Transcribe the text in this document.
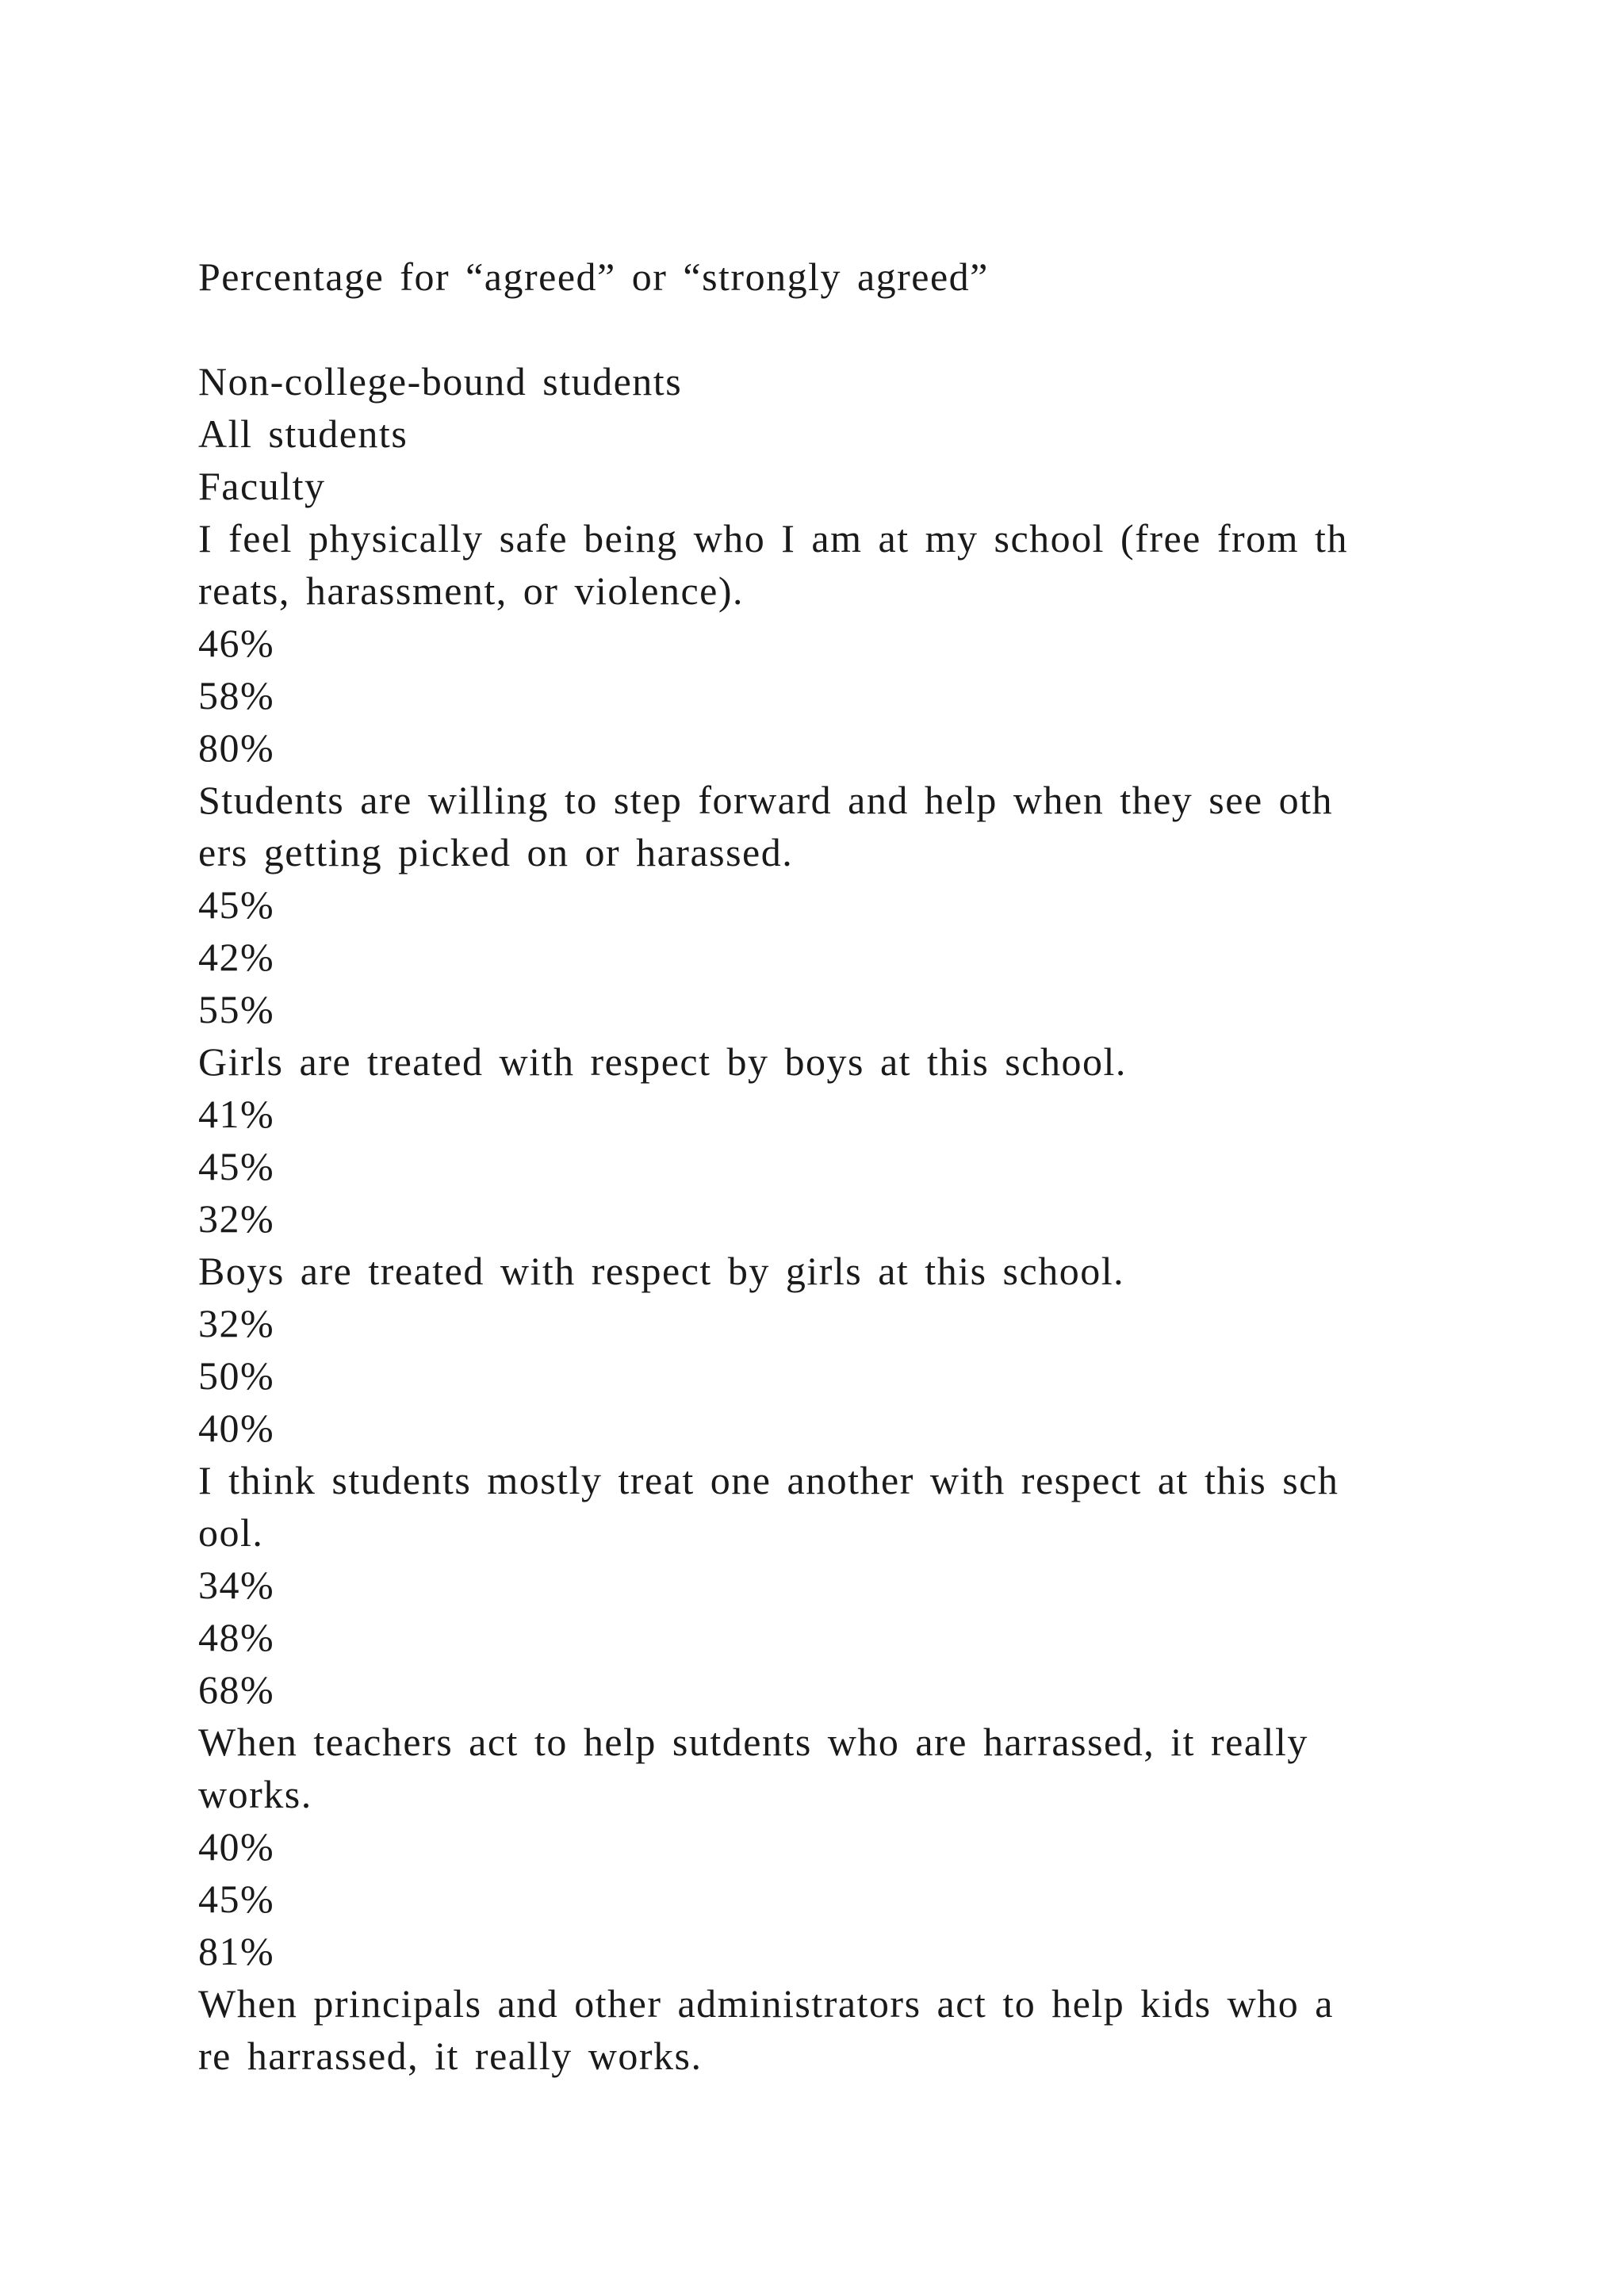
Percentage for “agreed” or “strongly agreed”
Non-college-bound students
All students
Faculty
I feel physically safe being who I am at my school (free from th
reats, harassment, or violence).
46%
58%
80%
Students are willing to step forward and help when they see oth
ers getting picked on or harassed.
45%
42%
55%
Girls are treated with respect by boys at this school.
41%
45%
32%
Boys are treated with respect by girls at this school.
32%
50%
40%
I think students mostly treat one another with respect at this sch
ool.
34%
48%
68%
When teachers act to help sutdents who are harrassed, it really
works.
40%
45%
81%
When principals and other administrators act to help kids who a
re harrassed, it really works.
